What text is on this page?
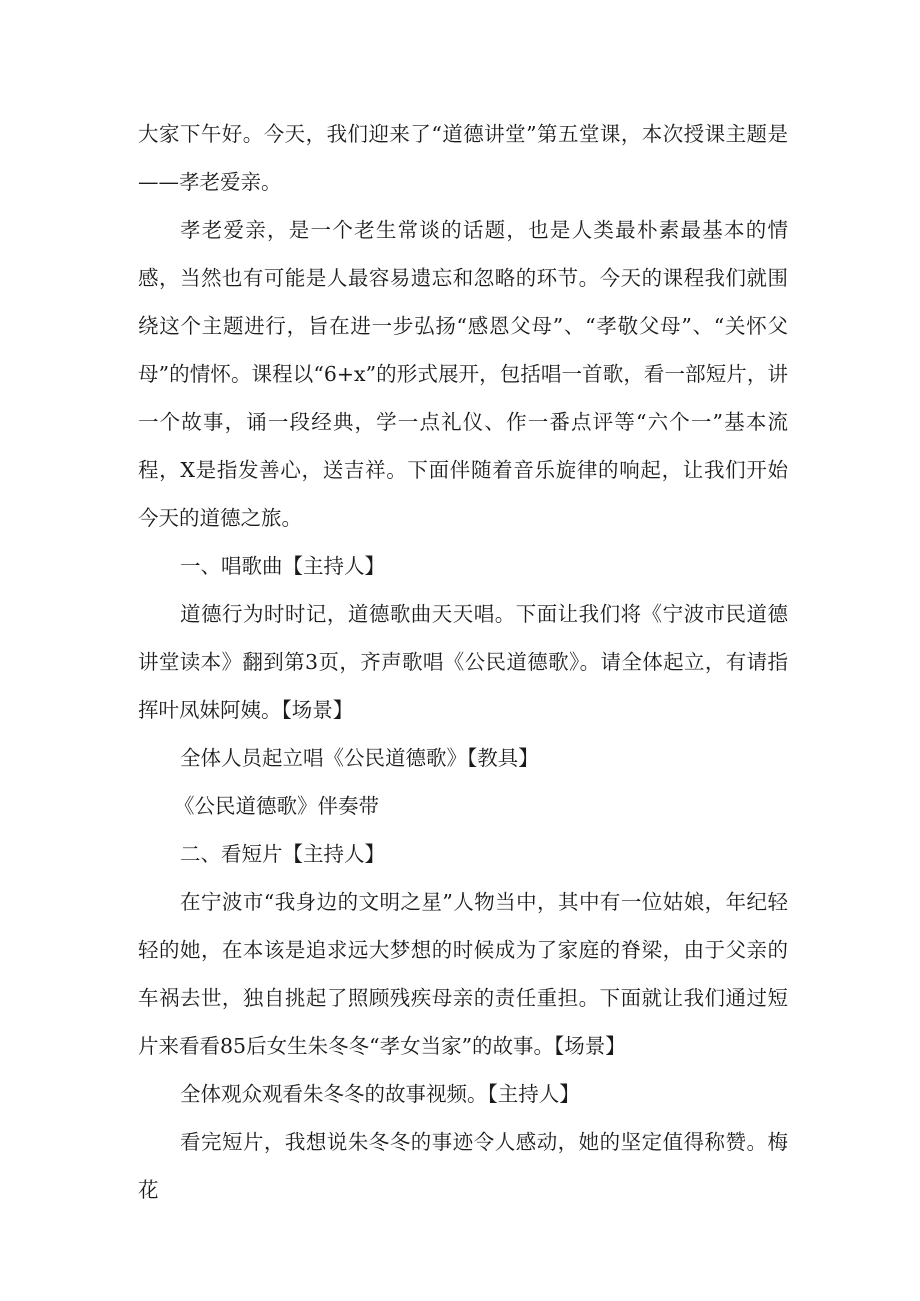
大家下午好。今天，我们迎来了“道德讲堂”第五堂课，本次授课主题是——孝老爱亲。

孝老爱亲，是一个老生常谈的话题，也是人类最朴素最基本的情感，当然也有可能是人最容易遗忘和忽略的环节。今天的课程我们就围绕这个主题进行，旨在进一步弘扬“感恩父母”、“孝敬父母”、“关怀父母”的情怀。课程以“6+x”的形式展开，包括唱一首歌，看一部短片，讲一个故事，诵一段经典，学一点礼仪、作一番点评等“六个一”基本流程，X是指发善心，送吉祥。下面伴随着音乐旋律的响起，让我们开始今天的道德之旅。

一、唱歌曲【主持人】

道德行为时时记，道德歌曲天天唱。下面让我们将《宁波市民道德讲堂读本》翻到第3页，齐声歌唱《公民道德歌》。请全体起立，有请指挥叶凤妹阿姨。【场景】

全体人员起立唱《公民道德歌》【教具】

《公民道德歌》伴奏带

二、看短片【主持人】

在宁波市“我身边的文明之星”人物当中，其中有一位姑娘，年纪轻轻的她，在本该是追求远大梦想的时候成为了家庭的脊梁，由于父亲的车祸去世，独自挑起了照顾残疾母亲的责任重担。下面就让我们通过短片来看看85后女生朱冬冬“孝女当家”的故事。【场景】

全体观众观看朱冬冬的故事视频。【主持人】

看完短片，我想说朱冬冬的事迹令人感动，她的坚定值得称赞。梅花
